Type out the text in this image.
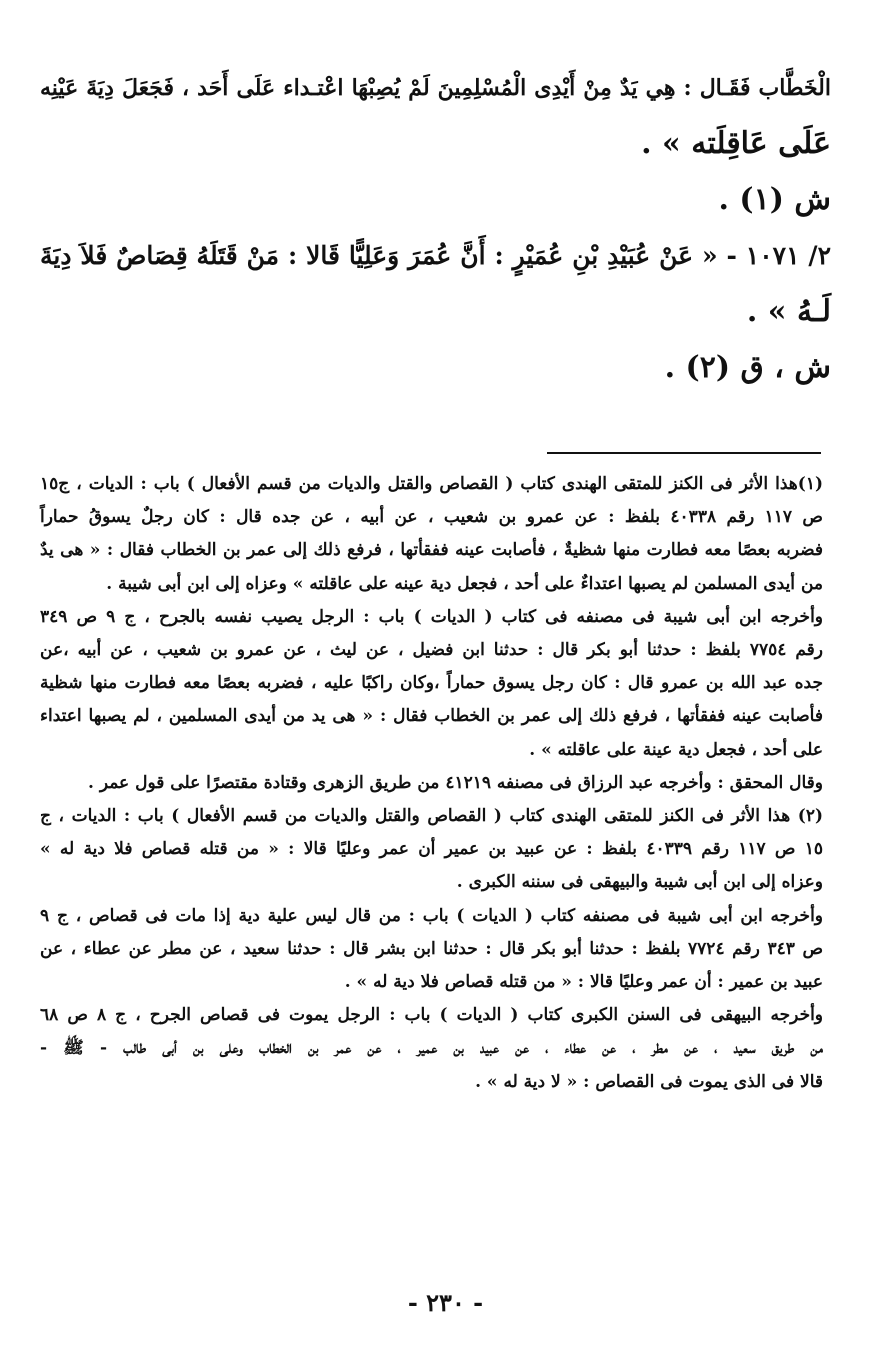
الْخَطَّاب فَقَـال : هِي يَدٌ مِنْ أَيْدِى الْمُسْلِمِينَ لَمْ يُصِبْهَا اعْتـداء عَلَى أَحَد ، فَجَعَلَ دِيَةَ عَيْنِه
عَلَى عَاقِلَته » .
ش (١) .
٢/ ١٠٧١ - « عَنْ عُبَيْدِ بْنِ عُمَيْرٍ : أَنَّ عُمَرَ وَعَلِيًّا قَالا : مَنْ قَتَلَهُ قِصَاصٌ فَلاَ دِيَةَ
لَـهُ » .
ش ، ق (٢) .
(١)هذا الأثر فى الكنز للمتقى الهندى كتاب ( القصاص والقتل والديات من قسم الأفعال ) باب : الديات ، ج١٥
ص ١١٧ رقم ٤٠٣٣٨ بلفظ : عن عمرو بن شعيب ، عن أبيه ، عن جده قال : كان رجلٌ يسوقُ حماراً
فضربه بعصًا معه فطارت منها شظيةٌ ، فأصابت عينه ففقأتها ، فرفع ذلك إلى عمر بن الخطاب فقال : « هى يدٌ
من أيدى المسلمن لم يصبها اعتداءٌ على أحد ، فجعل دية عينه على عاقلته » وعزاه إلى ابن أبى شيبة .
وأخرجه ابن أبى شيبة فى مصنفه فى كتاب ( الديات ) باب : الرجل يصيب نفسه بالجرح ، ج ٩ ص ٣٤٩
رقم ٧٧٥٤ بلفظ : حدثنا أبو بكر قال : حدثنا ابن فضيل ، عن ليث ، عن عمرو بن شعيب ، عن أبيه ،عن
جده عبد الله بن عمرو قال : كان رجل يسوق حماراً ،وكان راكبًا عليه ، فضربه بعصًا معه فطارت منها شظية
فأصابت عينه ففقأتها ، فرفع ذلك إلى عمر بن الخطاب فقال : « هى يد من أيدى المسلمين ، لم يصبها اعتداء
على أحد ، فجعل دية عينة على عاقلته » .
وقال المحقق : وأخرجه عبد الرزاق فى مصنفه ٤١٢١٩ من طريق الزهرى وقتادة مقتصرًا على قول عمر .
(٢) هذا الأثر فى الكنز للمتقى الهندى كتاب ( القصاص والقتل والديات من قسم الأفعال ) باب : الديات ، ج
١٥ ص ١١٧ رقم ٤٠٣٣٩ بلفظ : عن عبيد بن عمير أن عمر وعليًا قالا : « من قتله قصاص فلا دية له »
وعزاه إلى ابن أبى شيبة والبيهقى فى سننه الكبرى .
وأخرجه ابن أبى شيبة فى مصنفه كتاب ( الديات ) باب : من قال ليس علية دية إذا مات فى قصاص ، ج ٩
ص ٣٤٣ رقم ٧٧٢٤ بلفظ : حدثنا أبو بكر قال : حدثنا ابن بشر قال : حدثنا سعيد ، عن مطر عن عطاء ، عن
عبيد بن عمير : أن عمر وعليًا قالا : « من قتله قصاص فلا دية له » .
وأخرجه البيهقى فى السنن الكبرى كتاب ( الديات ) باب : الرجل يموت فى قصاص الجرح ، ج ٨ ص ٦٨
من طريق سعيد ، عن مطر ، عن عطاء ، عن عبيد بن عمير ، عن عمر بن الخطاب وعلى بن أبى طالب - ﷺ -
قالا فى الذى يموت فى القصاص : « لا دية له » .
- ٢٣٠ -
